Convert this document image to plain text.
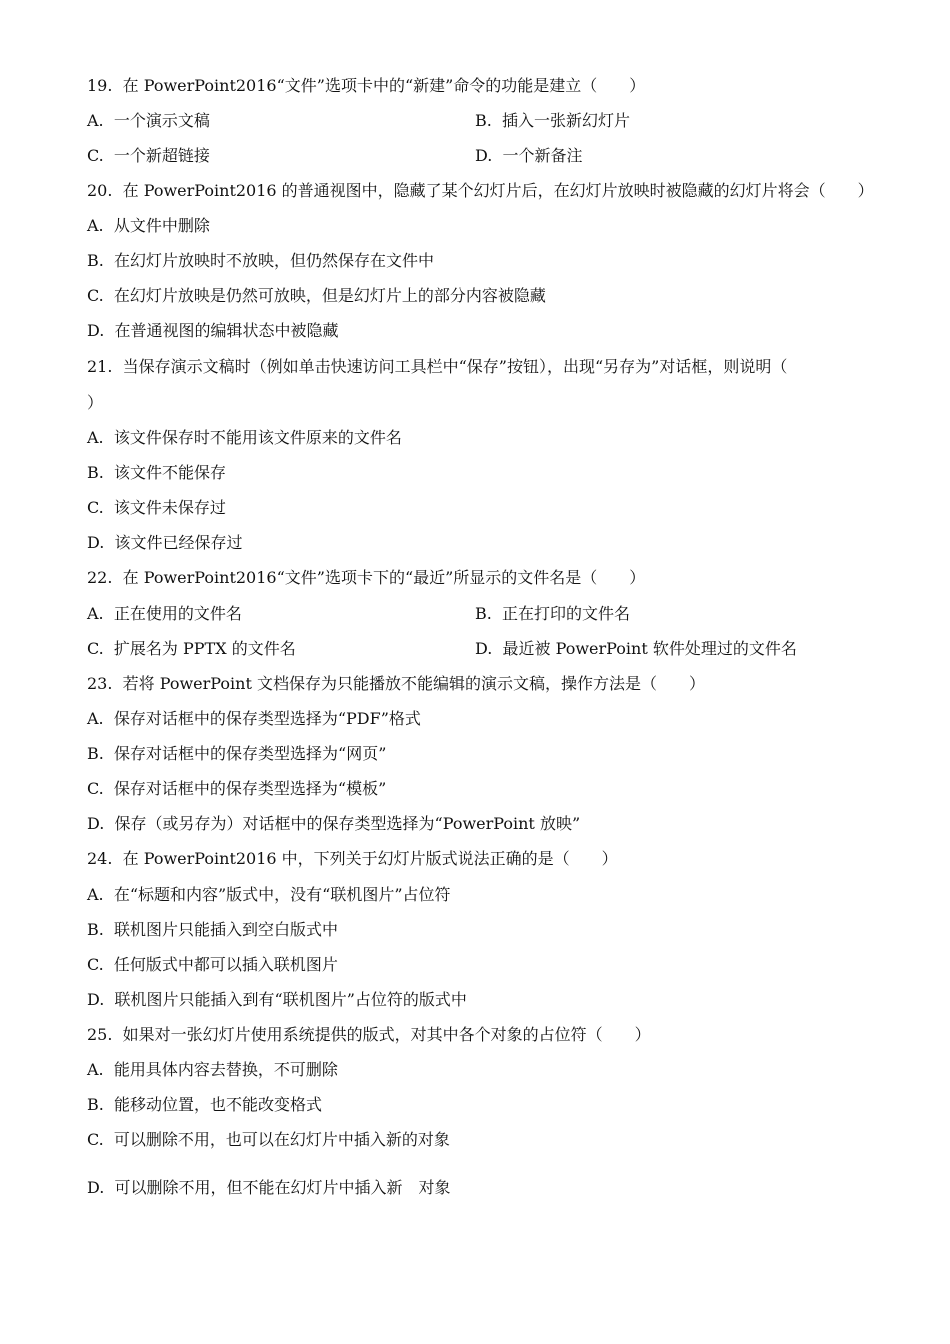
19.  在 PowerPoint2016“文件”选项卡中的“新建”命令的功能是建立（　　）
A.  一个演示文稿	B.  插入一张新幻灯片
C.  一个新超链接	D.  一个新备注
20.  在 PowerPoint2016 的普通视图中，隐藏了某个幻灯片后，在幻灯片放映时被隐藏的幻灯片将会（　　）
A.  从文件中删除
B.  在幻灯片放映时不放映，但仍然保存在文件中
C.  在幻灯片放映是仍然可放映，但是幻灯片上的部分内容被隐藏
D.  在普通视图的编辑状态中被隐藏
21.  当保存演示文稿时（例如单击快速访问工具栏中“保存”按钮），出现“另存为”对话框，则说明（
）
A.  该文件保存时不能用该文件原来的文件名
B.  该文件不能保存
C.  该文件未保存过
D.  该文件已经保存过
22.  在 PowerPoint2016“文件”选项卡下的“最近”所显示的文件名是（　　）
A.  正在使用的文件名	B.  正在打印的文件名
C.  扩展名为 PPTX 的文件名	D.  最近被 PowerPoint 软件处理过的文件名
23.  若将 PowerPoint 文档保存为只能播放不能编辑的演示文稿，操作方法是（　　）
A.  保存对话框中的保存类型选择为“PDF”格式
B.  保存对话框中的保存类型选择为“网页”
C.  保存对话框中的保存类型选择为“模板”
D.  保存（或另存为）对话框中的保存类型选择为“PowerPoint 放映”
24.  在 PowerPoint2016 中，下列关于幻灯片版式说法正确的是（　　）
A.  在“标题和内容”版式中，没有“联机图片”占位符
B.  联机图片只能插入到空白版式中
C.  任何版式中都可以插入联机图片
D.  联机图片只能插入到有“联机图片”占位符的版式中
25.  如果对一张幻灯片使用系统提供的版式，对其中各个对象的占位符（　　）
A.  能用具体内容去替换，不可删除
B.  能移动位置，也不能改变格式
C.  可以删除不用，也可以在幻灯片中插入新的对象
D.  可以删除不用，但不能在幻灯片中插入新　对象
